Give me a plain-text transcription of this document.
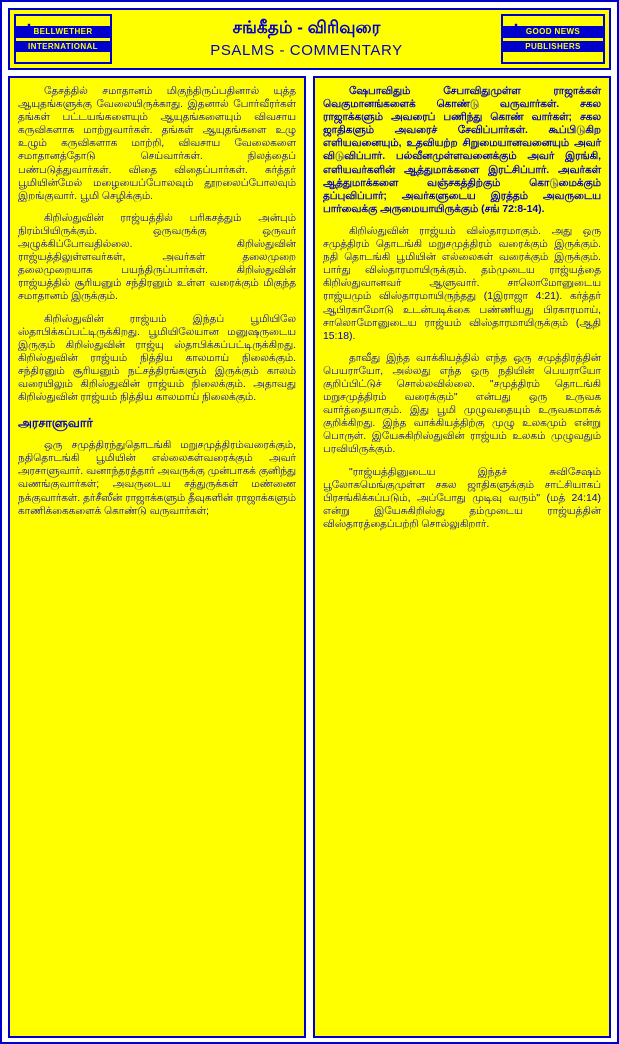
♟
BELLWETHER
INTERNATIONAL
சங்கீதம் - விரிவுரை
PSALMS - COMMENTARY
♟ GOOD NEWS
PUBLISHERS

தேசத்தில் சமாதானம் மிகுந்திருப்பதினால் யுத்த ஆயுதங்களுக்கு வேலையிருக்காது. இதனால் போர்வீரர்கள் தங்கள் பட்டயங்களையும் ஆயுதங்களையும் விவசாய கருவிகளாக மாற்றுவார்கள். தங்கள் ஆயுதங்களை உழு உழும் கருவிகளாக மாற்றி, விவசாய வேலைகளை சமாதானத்தோடு செய்வார்கள். நிலத்தைப் பண்படுத்துவார்கள். விதை விதைப்பார்கள். கர்த்தர் பூமியின்மேல் மழையைப்போலவும் தூறலைப்போலவும் இறங்குவார். பூமி செழிக்கும்.

கிறிஸ்துவின் ராஜ்யத்தில் பரிகசத்தும் அன்பும் நிரம்பியிருக்கும். ஒருவருக்கு ஒருவர் அழுக்கிப்போவதில்லை. கிறிஸ்துவின் ராஜ்யத்திலுள்ளவர்கள், அவர்கள் தலைமுறை தலைமுறையாக பயந்திருப்பார்கள். கிறிஸ்துவின் ராஜ்யத்தில் சூரியனும் சந்திரனும் உள்ள வரைக்கும் மிகுந்த சமாதானம் இருக்கும்.

கிறிஸ்துவின் ராஜ்யம் இந்தப் பூமியிலே ஸ்தாபிக்கப்பட்டிருக்கிறது. பூமியிலேயான மனுஷருடைய இருகும் கிறிஸ்துவின் ராஜ்யு ஸ்தாபிக்கப்பட்டிருக்கிறது. கிறிஸ்துவின் ராஜ்யம் நித்திய காலமாய் நிலைக்கும். சந்திரனும் சூரியனும் நட்சத்திரங்களும் இருக்கும் காலம் வரையிலும் கிறிஸ்துவின் ராஜ்யம் நிலைக்கும். அதாவது கிறிஸ்துவின் ராஜ்யம் நித்திய காலமாய் நிலைக்கும்.

அரசாளுவார்

ஒரு சமுத்திரந்துதொடங்கி மறுசமுத்திரம்வரைக்கும், நதிதொடங்கி பூமியின் எல்லைகள்வரைக்கும் அவர் அரசாளுவார். வனாந்தரத்தார் அவருக்கு முன்பாகக் குனிந்து வணங்குவார்கள்; அவருடைய சத்துருக்கள் மண்ணை நக்குவார்கள். தர்சீஸீன் ராஜாக்களும் தீவுகளின் ராஜாக்களும் காணிக்கைகளைக் கொண்டு வருவார்கள்;

ஷேபாவிதும் சேபாவிதுமுள்ள ராஜாக்கள் வெகுமானங்களைக் கொண்டு வருவார்கள். சகல ராஜாக்களும் அவரைப் பணிந்து கொண் வார்கள்; சகல ஜாதிகளும் அவரைச் சேவிப்பார்கள். கூப்பிடுகிற எளியவனையும், உதவியற்ற சிறுமையானவனையும் அவர் விடுவிப்பார். பல்வீனமுள்ளவனைக்கும் அவர் இரங்கி, எளியவர்களின் ஆத்துமாக்களை இரட்சிப்பார். அவர்கள் ஆத்துமாக்களை வஞ்சகத்திற்கும் கொடுமைக்கும் தப்புவிப்பார்; அவர்களுடைய இரத்தம் அவருடைய பார்வைக்கு அருமையாயிருக்கும் (சங் 72:8-14).

கிறிஸ்துவின் ராஜ்யம் விஸ்தாரமாகும். அது ஒரு சமுத்திரம் தொடங்கி மறுசமுத்திரம் வரைக்கும் இருக்கும். நதி தொடங்கி பூமியின் எல்லைகள் வரைக்கும் இருக்கும். பார்து விஸ்தாரமாயிருக்கும். தம்முடைய ராஜ்யத்தை கிறிஸ்துவானவர் ஆளுவார். சாலொமோனுடைய ராஜ்யமும் விஸ்தாரமாயிருந்தது (1இராஜா 4:21). கர்த்தர் ஆபிரகாமோடு உடன்படிக்கை பண்ணியது பிரகாரமாய், சாலொமோனுடைய ராஜ்யம் விஸ்தாரமாயிருக்கும் (ஆதி 15:18).

தாவீது இந்த வாக்கியத்தில் எந்த ஒரு சமுத்திரத்தின் பெயராயோ, அல்லது எந்த ஒரு நதியின் பெயராயோ குறிப்பிட்டுச் சொல்லவில்லை. "சமுத்திரம் தொடங்கி மறுசமுத்திரம் வரைக்கும்" என்பது ஒரு உருவக வார்த்தையாகும். இது பூமி முழுவதையும் உருவகமாகக் குறிக்கிறது. இந்த வாக்கியத்திற்கு முழு உலகமும் என்று பொருள். இயேசுகிறிஸ்துவின் ராஜ்யம் உலகம் முழுவதும் பரவியிருக்கும்.

"ராஜ்யத்தினுடைய இந்தச் சுவிசேஷம் பூலோகமெங்குமுள்ள சகல ஜாதிகளுக்கும் சாட்சியாகப் பிரசங்கிக்கப்படும், அப்போது முடிவு வரும்" (மத் 24:14) என்று இயேசுகிறிஸ்து தம்முடைய ராஜ்யத்தின் விஸ்தாரத்தைப்பற்றி சொல்லுகிறார்.
